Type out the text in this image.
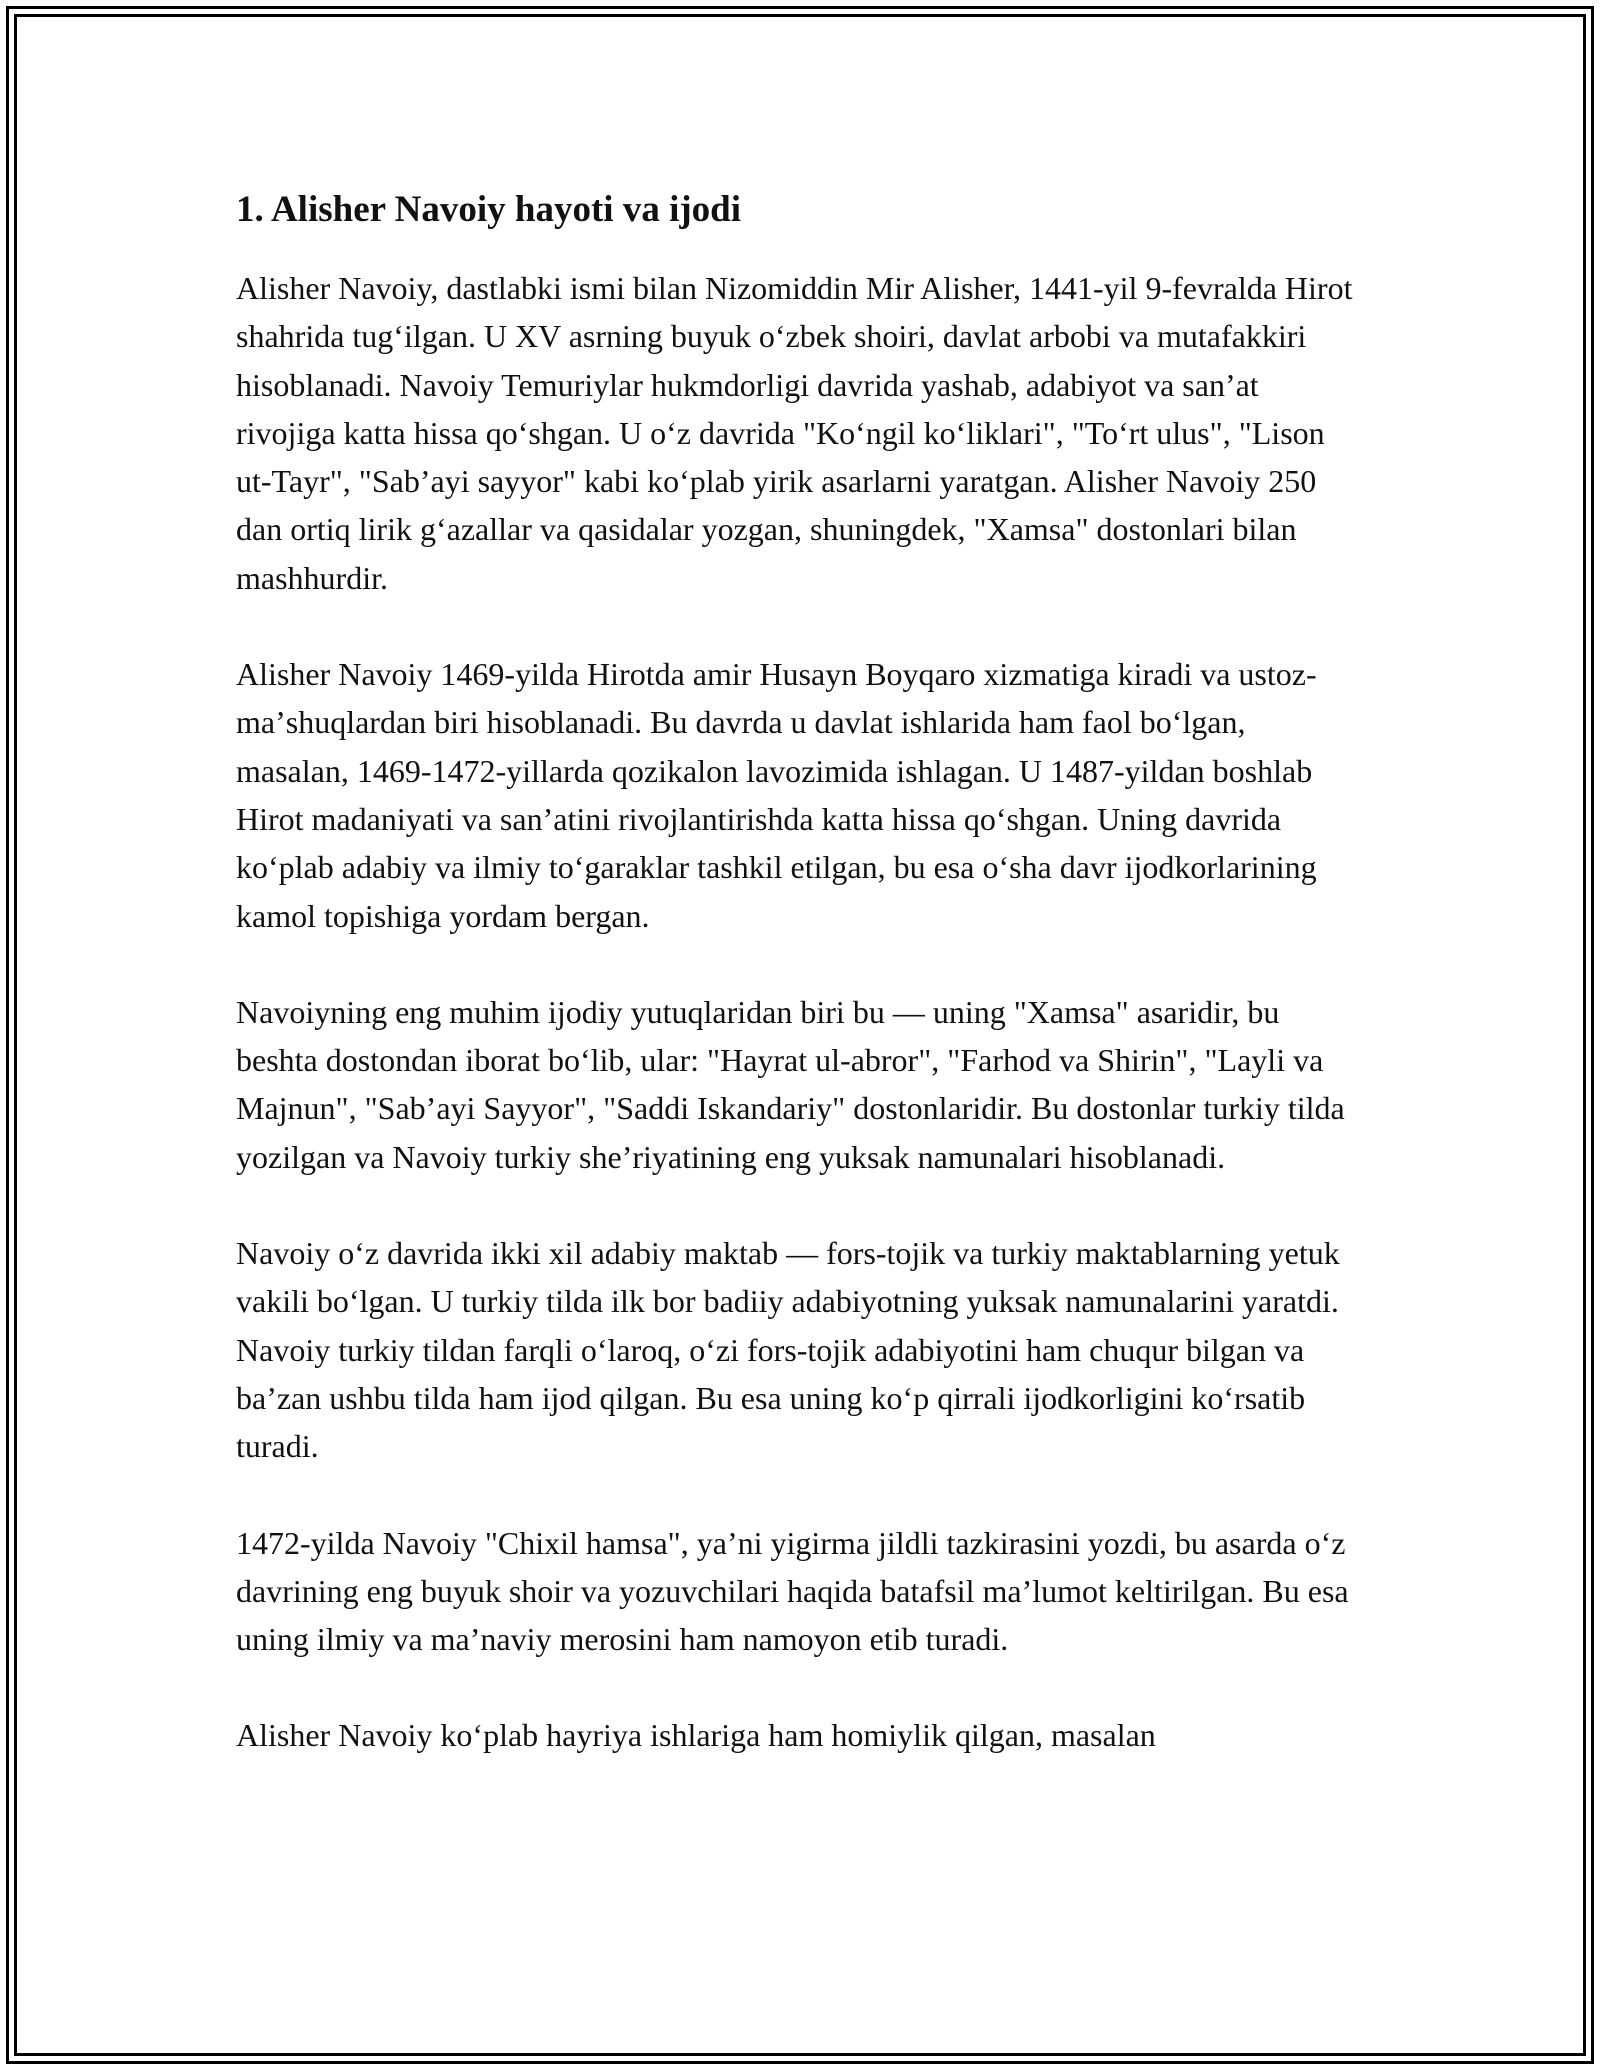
1. Alisher Navoiy hayoti va ijodi

Alisher Navoiy, dastlabki ismi bilan Nizomiddin Mir Alisher, 1441-yil 9-fevralda Hirot shahrida tugʻilgan. U XV asrning buyuk oʻzbek shoiri, davlat arbobi va mutafakkiri hisoblanadi. Navoiy Temuriylar hukmdorligi davrida yashab, adabiyot va sanʼat rivojiga katta hissa qoʻshgan. U oʻz davrida "Koʻngil koʻliklari", "Toʻrt ulus", "Lison ut-Tayr", "Sabʼayi sayyor" kabi koʻplab yirik asarlarni yaratgan. Alisher Navoiy 250 dan ortiq lirik gʻazallar va qasidalar yozgan, shuningdek, "Xamsa" dostonlari bilan mashhurdir.

Alisher Navoiy 1469-yilda Hirotda amir Husayn Boyqaro xizmatiga kiradi va ustoz-maʼshuqlardan biri hisoblanadi. Bu davrda u davlat ishlarida ham faol boʻlgan, masalan, 1469-1472-yillarda qozikalon lavozimida ishlagan. U 1487-yildan boshlab Hirot madaniyati va sanʼatini rivojlantirishda katta hissa qoʻshgan. Uning davrida koʻplab adabiy va ilmiy toʻgaraklar tashkil etilgan, bu esa oʻsha davr ijodkorlarining kamol topishiga yordam bergan.

Navoiyning eng muhim ijodiy yutuqlaridan biri bu — uning "Xamsa" asaridir, bu beshta dostondan iborat boʻlib, ular: "Hayrat ul-abror", "Farhod va Shirin", "Layli va Majnun", "Sabʼayi Sayyor", "Saddi Iskandariy" dostonlaridir. Bu dostonlar turkiy tilda yozilgan va Navoiy turkiy sheʼriyatining eng yuksak namunalari hisoblanadi.

Navoiy oʻz davrida ikki xil adabiy maktab — fors-tojik va turkiy maktablarning yetuk vakili boʻlgan. U turkiy tilda ilk bor badiiy adabiyotning yuksak namunalarini yaratdi. Navoiy turkiy tildan farqli oʻlaroq, oʻzi fors-tojik adabiyotini ham chuqur bilgan va baʼzan ushbu tilda ham ijod qilgan. Bu esa uning koʻp qirrali ijodkorligini koʻrsatib turadi.

1472-yilda Navoiy "Chixil hamsa", yaʼni yigirma jildli tazkirasini yozdi, bu asarda oʻz davrining eng buyuk shoir va yozuvchilari haqida batafsil maʼlumot keltirilgan. Bu esa uning ilmiy va maʼnaviy merosini ham namoyon etib turadi.

Alisher Navoiy koʻplab hayriya ishlariga ham homiylik qilgan, masalan
